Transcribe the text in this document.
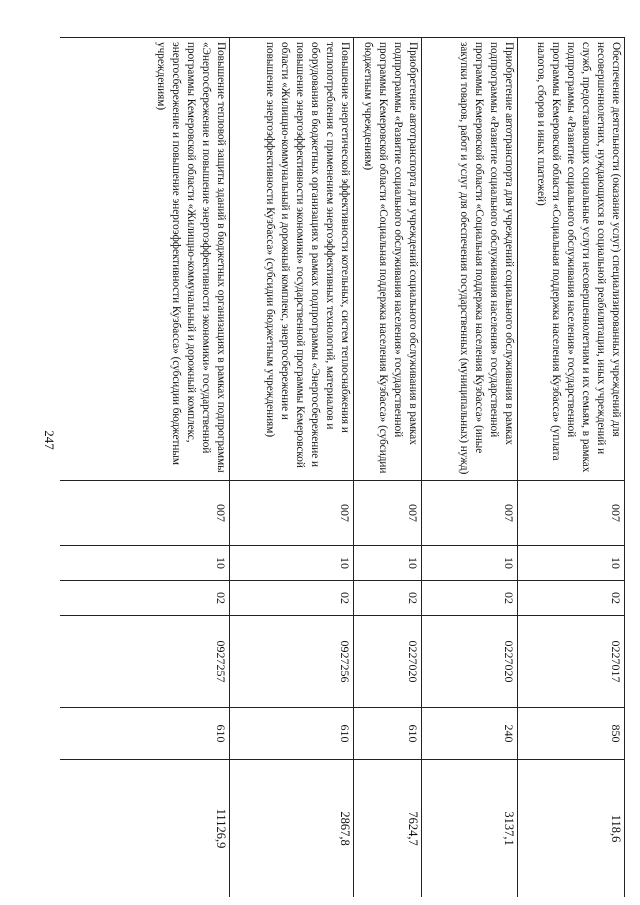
247
Обеспечение деятельности (оказание услуг) специализированных учреждений для несовершеннолетних, нуждающихся в социальной реабилитации, иных учреждений и служб, предоставляющих социальные услуги несовершеннолетним и их семьям, в рамках подпрограммы «Развитие социального обслуживания населения» государственной программы Кемеровской области «Социальная поддержка населения Кузбасса» (уплата налогов, сборов и иных платежей)	007	10	02	0227017	850	118,6
Приобретение автотранспорта для учреждений социального обслуживания в рамках подпрограммы «Развитие социального обслуживания населения» государственной программы Кемеровской области «Социальная поддержка населения Кузбасса» (иные закупки товаров, работ и услуг для обеспечения государственных (муниципальных) нужд)	007	10	02	0227020	240	3137,1
Приобретение автотранспорта для учреждений социального обслуживания в рамках подпрограммы «Развитие социального обслуживания населения» государственной программы Кемеровской области «Социальная поддержка населения Кузбасса» (субсидии бюджетным учреждениям)	007	10	02	0227020	610	7624,7
Повышение энергетической эффективности котельных, систем теплоснабжения и теплопотребления с применением энергоэффективных технологий, материалов и оборудования в бюджетных организациях в рамках подпрограммы «Энергосбережение и повышение энергоэффективности экономики» государственной программы Кемеровской области «Жилищно-коммунальный и дорожный комплекс, энергосбережение и повышение энергоэффективности Кузбасса» (субсидии бюджетным учреждениям)	007	10	02	0927256	610	2867,8
Повышение тепловой защиты зданий в бюджетных организациях в рамках подпрограммы «Энергосбережение и повышение энергоэффективности экономики» государственной программы Кемеровской области «Жилищно-коммунальный и дорожный комплекс, энергосбережение и повышение энергоэффективности Кузбасса» (субсидии бюджетным учреждениям)	007	10	02	0927257	610	11126,9
